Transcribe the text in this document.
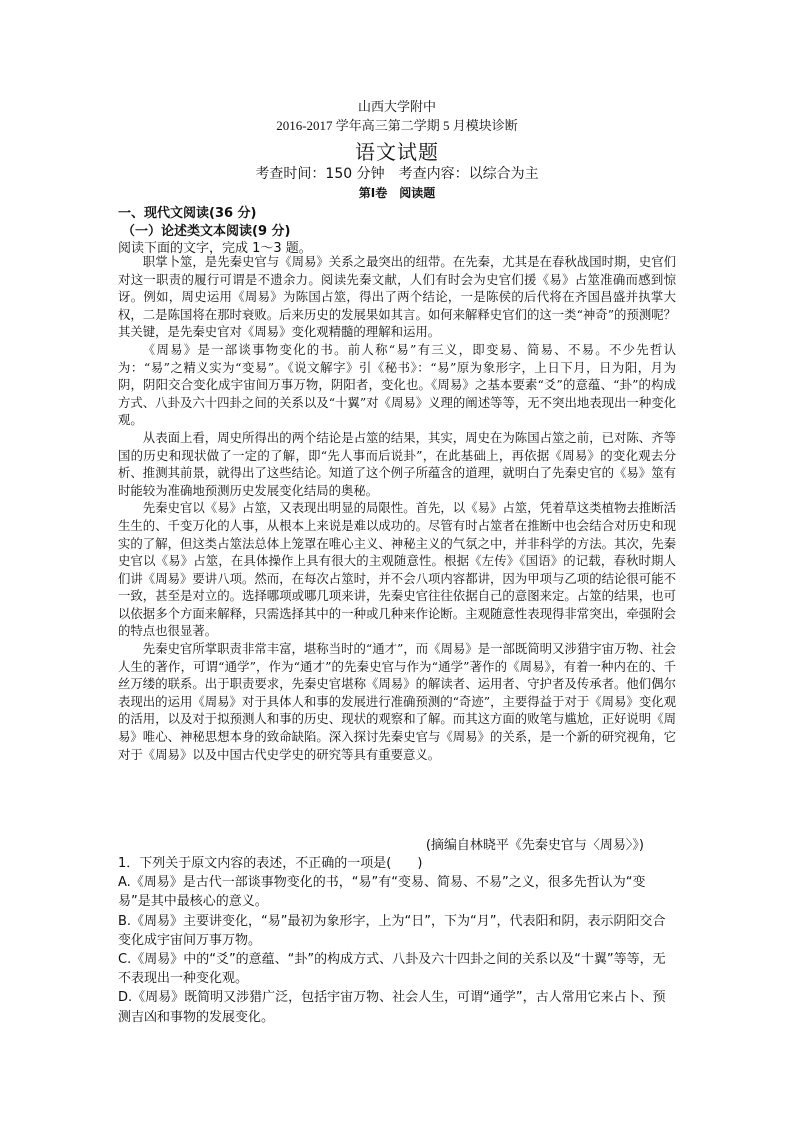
山西大学附中
2016-2017 学年高三第二学期 5 月模块诊断
语文试题
考查时间：150 分钟　考查内容：以综合为主
第Ⅰ卷　阅读题
一、现代文阅读(36 分)
（一）论述类文本阅读(9 分)
阅读下面的文字，完成 1～3 题。

职掌卜筮，是先秦史官与《周易》关系之最突出的纽带。在先秦，尤其是在春秋战国时期，史官们对这一职责的履行可谓是不遗余力。阅读先秦文献，人们有时会为史官们援《易》占筮准确而感到惊讶。例如，周史运用《周易》为陈国占筮，得出了两个结论，一是陈侯的后代将在齐国昌盛并执掌大权，二是陈国将在那时衰败。后来历史的发展果如其言。如何来解释史官们的这一类“神奇”的预测呢？其关键，是先秦史官对《周易》变化观精髓的理解和运用。

《周易》是一部谈事物变化的书。前人称“易”有三义，即变易、简易、不易。不少先哲认为：“易”之精义实为“变易”。《说文解字》引《秘书》：“易”原为象形字，上日下月，日为阳，月为阴，阴阳交合变化成宇宙间万事万物，阴阳者，变化也。《周易》之基本要素“爻”的意蕴、“卦”的构成方式、八卦及六十四卦之间的关系以及“十翼”对《周易》义理的阐述等等，无不突出地表现出一种变化观。

从表面上看，周史所得出的两个结论是占筮的结果，其实，周史在为陈国占筮之前，已对陈、齐等国的历史和现状做了一定的了解，即“先人事而后说卦”，在此基础上，再依据《周易》的变化观去分析、推测其前景，就得出了这些结论。知道了这个例子所蕴含的道理，就明白了先秦史官的《易》筮有时能较为准确地预测历史发展变化结局的奥秘。

先秦史官以《易》占筮，又表现出明显的局限性。首先，以《易》占筮，凭着草这类植物去推断活生生的、千变万化的人事，从根本上来说是难以成功的。尽管有时占筮者在推断中也会结合对历史和现实的了解，但这类占筮法总体上笼罩在唯心主义、神秘主义的气氛之中，并非科学的方法。其次，先秦史官以《易》占筮，在具体操作上具有很大的主观随意性。根据《左传》《国语》的记载，春秋时期人们讲《周易》要讲八项。然而，在每次占筮时，并不会八项内容都讲，因为甲项与乙项的结论很可能不一致，甚至是对立的。选择哪项或哪几项来讲，先秦史官往往依据自己的意图来定。占筮的结果，也可以依据多个方面来解释，只需选择其中的一种或几种来作论断。主观随意性表现得非常突出，牵强附会的特点也很显著。

先秦史官所掌职责非常丰富，堪称当时的“通才”，而《周易》是一部既简明又涉猎宇宙万物、社会人生的著作，可谓“通学”，作为“通才”的先秦史官与作为“通学”著作的《周易》，有着一种内在的、千丝万缕的联系。出于职责要求，先秦史官堪称《周易》的解读者、运用者、守护者及传承者。他们偶尔表现出的运用《周易》对于具体人和事的发展进行准确预测的“奇迹”，主要得益于对于《周易》变化观的活用，以及对于拟预测人和事的历史、现状的观察和了解。而其这方面的败笔与尴尬，正好说明《周易》唯心、神秘思想本身的致命缺陷。深入探讨先秦史官与《周易》的关系，是一个新的研究视角，它对于《周易》以及中国古代史学史的研究等具有重要意义。

(摘编自林晓平《先秦史官与〈周易〉》)
1．下列关于原文内容的表述，不正确的一项是(　　)
A.《周易》是古代一部谈事物变化的书，“易”有“变易、简易、不易”之义，很多先哲认为“变易”是其中最核心的意义。
B.《周易》主要讲变化，“易”最初为象形字，上为“日”，下为“月”，代表阳和阴，表示阴阳交合变化成宇宙间万事万物。
C.《周易》中的“爻”的意蕴、“卦”的构成方式、八卦及六十四卦之间的关系以及“十翼”等等，无不表现出一种变化观。
D.《周易》既简明又涉猎广泛，包括宇宙万物、社会人生，可谓“通学”，古人常用它来占卜、预测吉凶和事物的发展变化。
